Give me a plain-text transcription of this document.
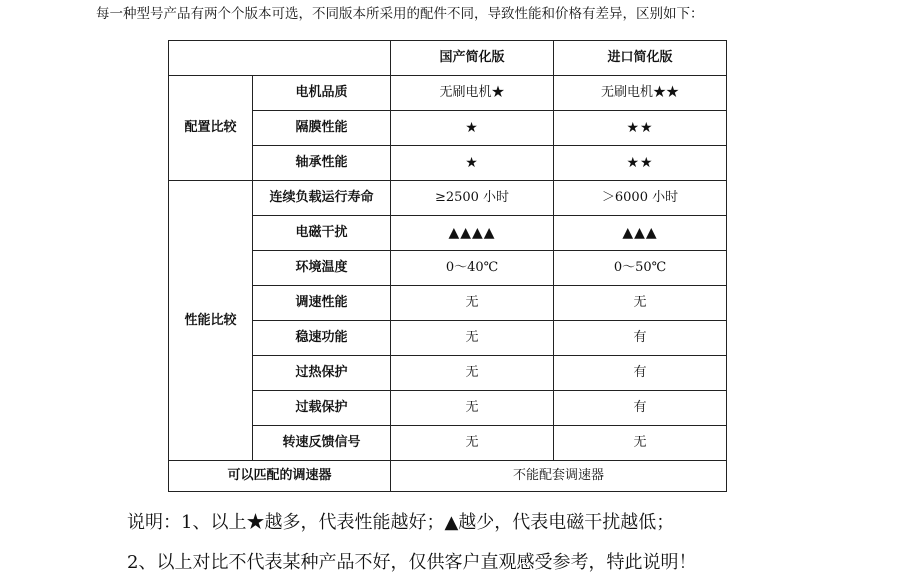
每一种型号产品有两个个版本可选，不同版本所采用的配件不同，导致性能和价格有差异，区别如下：
		国产简化版	进口简化版
配置比较	电机品质	无刷电机★	无刷电机★★
	隔膜性能	★	★★
	轴承性能	★	★★
性能比较	连续负载运行寿命	≥2500 小时	＞6000 小时
	电磁干扰	▲▲▲▲	▲▲▲
	环境温度	0～40℃	0～50℃
	调速性能	无	无
	稳速功能	无	有
	过热保护	无	有
	过载保护	无	有
	转速反馈信号	无	无
可以匹配的调速器		不能配套调速器	
说明：1、以上★越多，代表性能越好；▲越少，代表电磁干扰越低；
2、以上对比不代表某种产品不好，仅供客户直观感受参考，特此说明！
